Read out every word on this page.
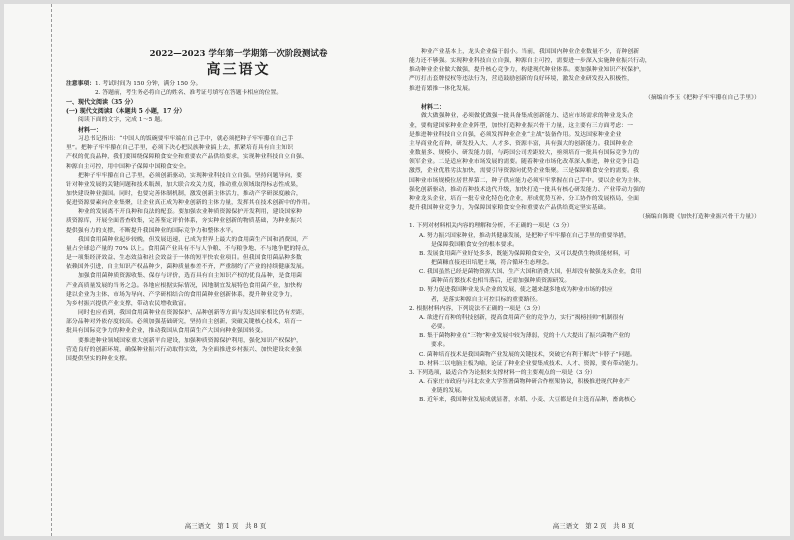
2022—2023 学年第一学期第一次阶段测试卷
高三语文
注意事项：1. 考试时间为 150 分钟，满分 150 分。
2. 答题前，考生务必将自己的姓名、准考证号填写在答题卡相应的位置。
一、现代文阅读（35 分）
(一) 现代文阅读Ⅰ（本题共 5 小题，17 分）
阅读下面的文字，完成 1～5 题。
材料一：
习总书记指出：“中国人的饭碗要牢牢端在自己手中，就必须把种子牢牢攥在自己手
里”。把种子牢牢攥在自己手里，必须下决心把民族种业搞上去，抓紧培育具有自主知识
产权的优良品种，我们要围绕保障粮食安全和重要农产品供给要求，实现种业科技自立自强、
种源自主可控，用中国种子保障中国粮食安全。
把种子牢牢攥在自己手里，必须创新驱动，实现种业科技自立自强。坚持问题导向，要
针对种业发展的关键问题和技术瓶颈，加大联合攻关力度，推动重点领域取得标志性成果，
加快建设种业强国。同时，也要完善体制机制，激发创新主体活力，推动产学研深度融合，
促进资源要素向企业集聚，让企业真正成为种业创新的主体力量，发挥其在技术创新中的作用。
种业的发展离不开良种和良法的配套。要加强农业种质资源保护开发利用，建设国家种
质资源库，开展全面普查收集，完善鉴定评价体系，夯实种业创新的物质基础，为种业振兴
提供强有力的支撑，不断提升我国种业的国际竞争力和整体水平。
我国食用菌种业起步较晚，但发展迅速，已成为世界上最大的食用菌生产国和消费国，产
量占全球总产量的 70% 以上。食用菌产业具有不与人争粮、不与粮争地、不与地争肥的特点，
是一项集经济效益、生态效益和社会效益于一体的短平快农业项目。但我国食用菌品种多数
依赖国外引进，自主知识产权品种少，菌种质量参差不齐，严重制约了产业的持续健康发展。
加强食用菌种质资源收集、保存与评价，选育具有自主知识产权的优良品种，是食用菌
产业高质量发展的当务之急。各地应根据实际情况，因地制宜发展特色食用菌产业，加快构
建以企业为主体、市场为导向、产学研相结合的食用菌种业创新体系，提升种业竞争力，
为乡村振兴提供产业支撑，带动农民增收致富。
同时也应看到，我国食用菌种业在资源保护、品种创新等方面与发达国家相比仍有差距，
部分品种对外依存度较高。必须加强基础研究，坚持自主创新，突破关键核心技术，培育一
批具有国际竞争力的种业企业，推动我国从食用菌生产大国向种业强国转变。
要推进种业领域国家重大创新平台建设，加强种质资源保护利用，强化知识产权保护，
营造良好的创新环境，确保种业振兴行动取得实效，为全面推进乡村振兴、加快建设农业强
国提供坚实的种业支撑。
高三语文　第 1 页　共 8 页
种业产业基本上，龙头企业偏于弱小。当前，我国国内种业企业数量不少，育种创新
能力还不够强。实现种业科技自立自强，种源自主可控，需要进一步深入实施种业振兴行动，
推动种业企业做大做强，提升核心竞争力，构建现代种业体系。要加强种业知识产权保护，
严厉打击套牌侵权等违法行为，营造鼓励创新的良好环境，激发企业研发投入积极性，
推进育繁推一体化发展。
（摘编自李玉《把种子牢牢攥在自己手里》）
材料二：
做大做强种业，必须做优做强一批具备集成创新能力、适应市场需求的种业龙头企
业，要构建国家种业企业阵型，加快打造种业振兴骨干力量，这主要有三方面考虑：一
是推进种业科技自立自强，必须发挥种业企业“主战”装备作用。发达国家种业企业
主导商业化育种，研发投入大、人才多、资源丰富，具有强大的创新能力。我国种业企
业数量多、规模小、研发能力弱，与跨国公司差距较大，亟须培育一批具有国际竞争力的
领军企业。二是适应种业市场发展的需要。随着种业市场化改革深入推进，种业竞争日趋
激烈，企业优胜劣汰加快，需要引导资源向优势企业集聚。三是保障粮食安全的需要。我
国种业市场规模位居世界第二，种子供应能力必须牢牢掌握在自己手中。要以企业为主体，
强化创新驱动，推动育种技术迭代升级，加快打造一批具有核心研发能力、产业带动力强的
种业龙头企业，培育一批专业化特色化企业，形成优势互补、分工协作的发展格局，全面
提升我国种业竞争力，为保障国家粮食安全和重要农产品供给奠定坚实基础。
（摘编自陈晓《加快打造种业振兴骨干力量》）
1. 下列对材料相关内容的理解和分析，不正确的一项是（3 分）
A. 努力振兴国家种业，推动其健康发展，是把种子牢牢攥在自己手里的重要举措，
是保障我国粮食安全的根本要求。
B. 发展食用菌产业好处多多，既能为保障粮食安全，又可以提供生物质能材料，可
把菌糠直接还田培肥土壤，符合循环生态理念。
C. 我国虽然已经是菌物资源大国、生产大国和消费大国，但却没有做强龙头企业，食用
菌种苗育繁技术也相当落后，还需加强种质资源研发。
D. 努力促进我国种业龙头企业的发展，使之越来越多地成为种业市场的供应
者，是落实种源自主可控目标的重要路径。
2. 根据材料内容，下列说法不正确的一项是（3 分）
A. 欲进行育种的科技创新，提高食用菌产业的竞争力，实行“揭榜挂帅”机制很有
必要。
B. 集于菌物种业在“三物”种业发展中较为薄弱，党的十八大提出了振兴菌物产业的
要求。
C. 菌种培育技术是我国菌物产业发展的关键技术，突破它有利于解决“卡脖子”问题。
D. 材料二以电脑主板为喻，论证了种业企业要集成技术、人才、资源，要有带动能力。
3. 下列选项，最适合作为论据来支撑材料一的主要观点的一项是（3 分）
A. 石家庄市政府与河北农业大学签署菌物种研合作框架协议，积极推进现代种业产
业链的发展。
B. 近年来，我国种业发展成就显著，水稻、小麦、大豆都是自主选育品种，畜禽核心
高三语文　第 2 页　共 8 页
